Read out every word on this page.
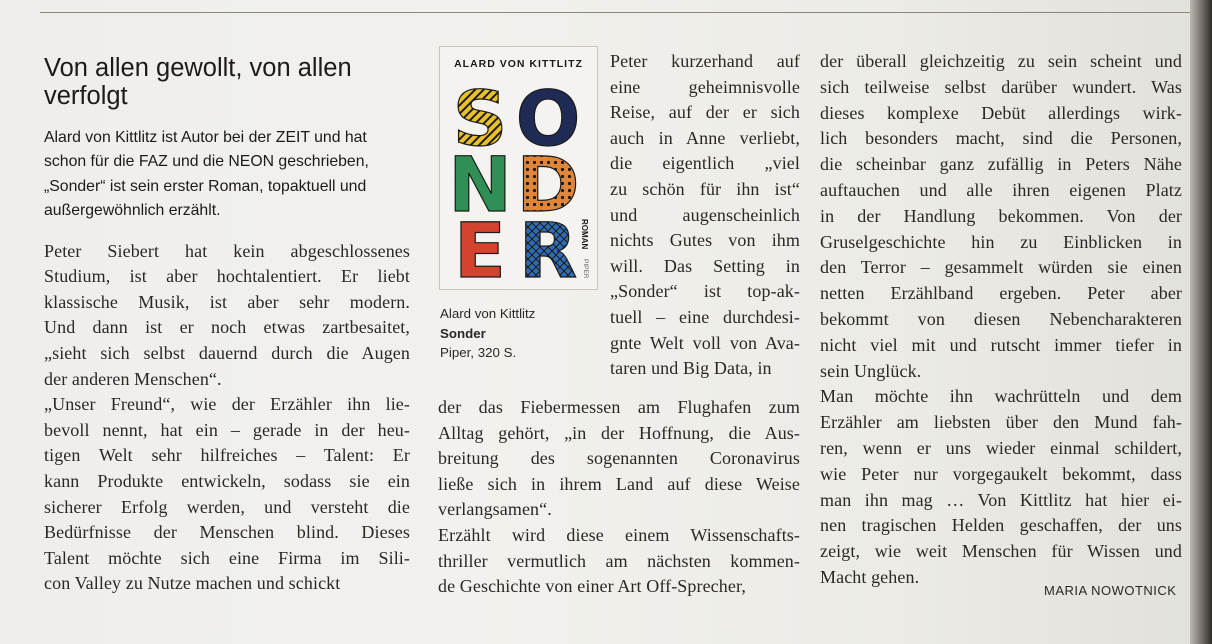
Von allen gewollt, von allen verfolgt

Alard von Kittlitz ist Autor bei der ZEIT und hat schon für die FAZ und die NEON geschrieben, „Sonder“ ist sein erster Roman, topaktuell und außergewöhnlich erzählt.

Peter Siebert hat kein abgeschlossenes
Studium, ist aber hochtalentiert. Er liebt
klassische Musik, ist aber sehr modern.
Und dann ist er noch etwas zartbesaitet,
„sieht sich selbst dauernd durch die Augen
der anderen Menschen“.
„Unser Freund“, wie der Erzähler ihn lie-
bevoll nennt, hat ein – gerade in der heu-
tigen Welt sehr hilfreiches – Talent: Er
kann Produkte entwickeln, sodass sie ein
sicherer Erfolg werden, und versteht die
Bedürfnisse der Menschen blind. Dieses
Talent möchte sich eine Firma im Sili-
con Valley zu Nutze machen und schickt
ALARD VON KITTLITZ
S O
N D
E R ROMAN
PIPER
Alard von Kittlitz
Sonder
Piper, 320 S.
Peter kurzerhand auf
eine geheimnisvolle
Reise, auf der er sich
auch in Anne verliebt,
die eigentlich „viel
zu schön für ihn ist“
und augenscheinlich
nichts Gutes von ihm
will. Das Setting in
„Sonder“ ist top-ak-
tuell – eine durchdesi-
gnte Welt voll von Ava-
taren und Big Data, in
der das Fiebermessen am Flughafen zum
Alltag gehört, „in der Hoffnung, die Aus-
breitung des sogenannten Coronavirus
ließe sich in ihrem Land auf diese Weise
verlangsamen“.
Erzählt wird diese einem Wissenschafts-
thriller vermutlich am nächsten kommen-
de Geschichte von einer Art Off-Sprecher,
der überall gleichzeitig zu sein scheint und
sich teilweise selbst darüber wundert. Was
dieses komplexe Debüt allerdings wirk-
lich besonders macht, sind die Personen,
die scheinbar ganz zufällig in Peters Nähe
auftauchen und alle ihren eigenen Platz
in der Handlung bekommen. Von der
Gruselgeschichte hin zu Einblicken in
den Terror – gesammelt würden sie einen
netten Erzählband ergeben. Peter aber
bekommt von diesen Nebencharakteren
nicht viel mit und rutscht immer tiefer in
sein Unglück.
Man möchte ihn wachrütteln und dem
Erzähler am liebsten über den Mund fah-
ren, wenn er uns wieder einmal schildert,
wie Peter nur vorgegaukelt bekommt, dass
man ihn mag … Von Kittlitz hat hier ei-
nen tragischen Helden geschaffen, der uns
zeigt, wie weit Menschen für Wissen und
Macht gehen.
MARIA NOWOTNICK
